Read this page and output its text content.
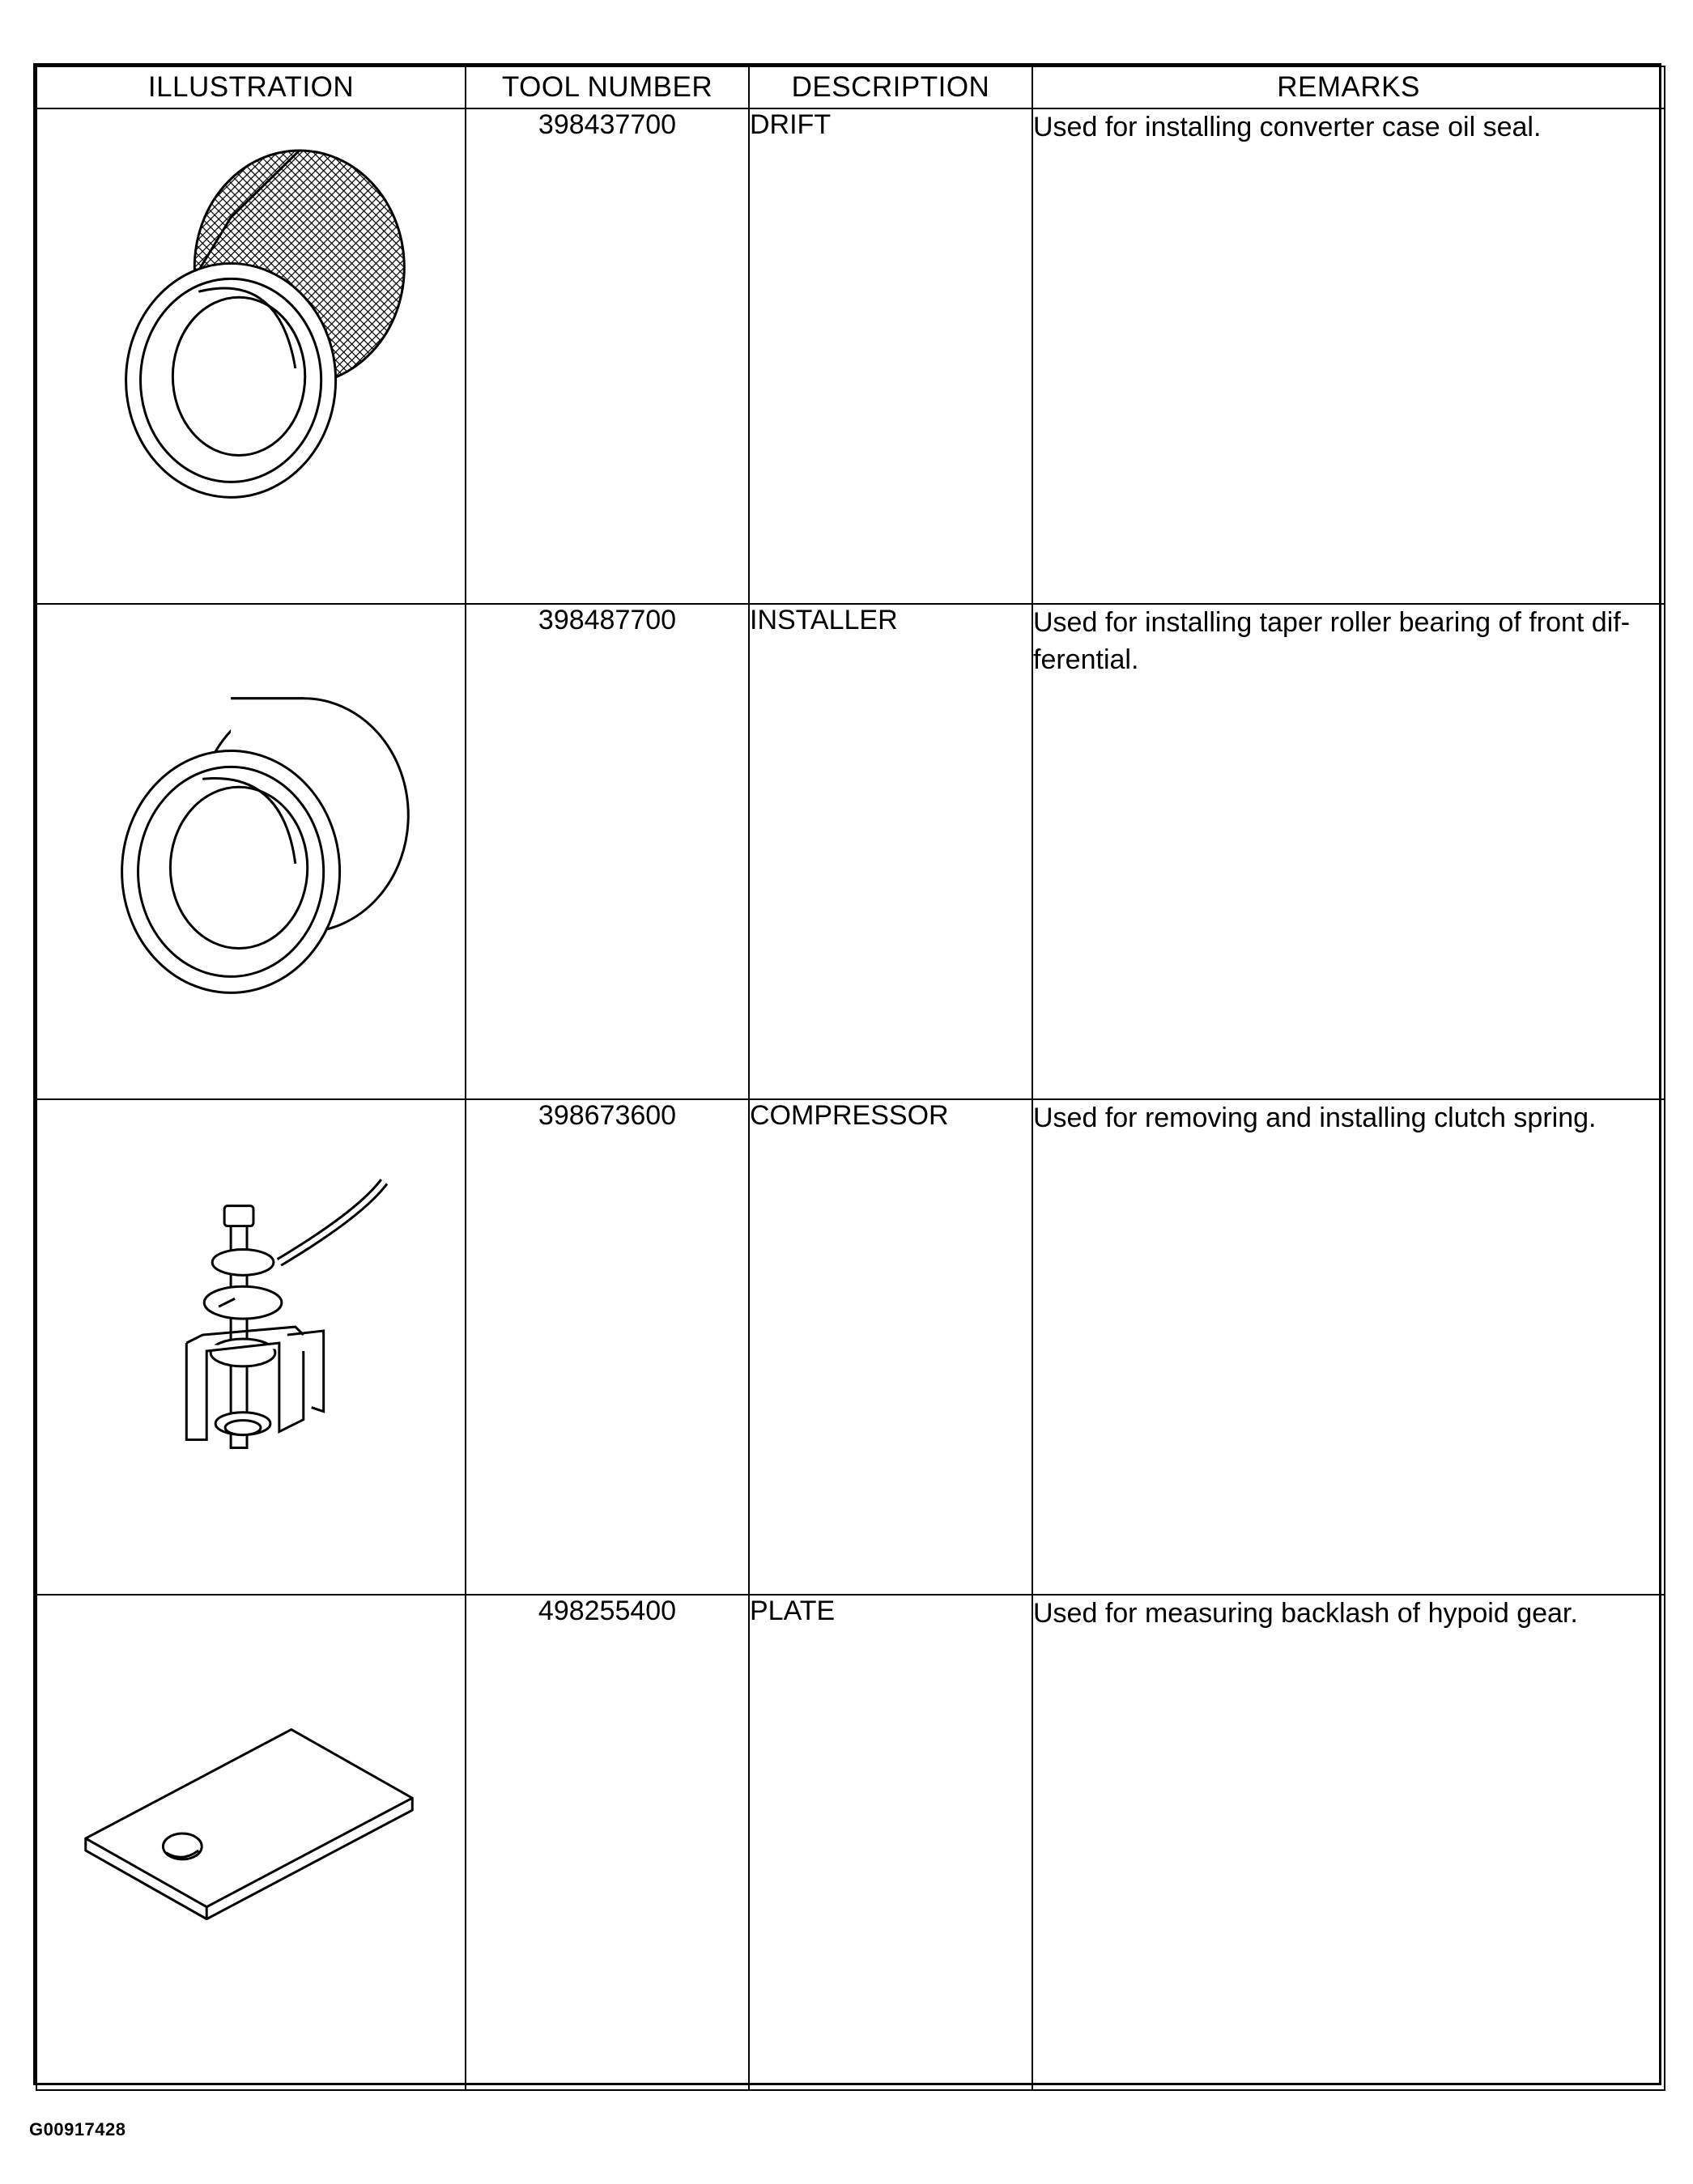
ILLUSTRATION	TOOL NUMBER	DESCRIPTION	REMARKS

	398437700	DRIFT	Used for installing converter case oil seal.

	398487700	INSTALLER	Used for installing taper roller bearing of front dif-ferential.

	398673600	COMPRESSOR	Used for removing and installing clutch spring.

	498255400	PLATE	Used for measuring backlash of hypoid gear.
G00917428
